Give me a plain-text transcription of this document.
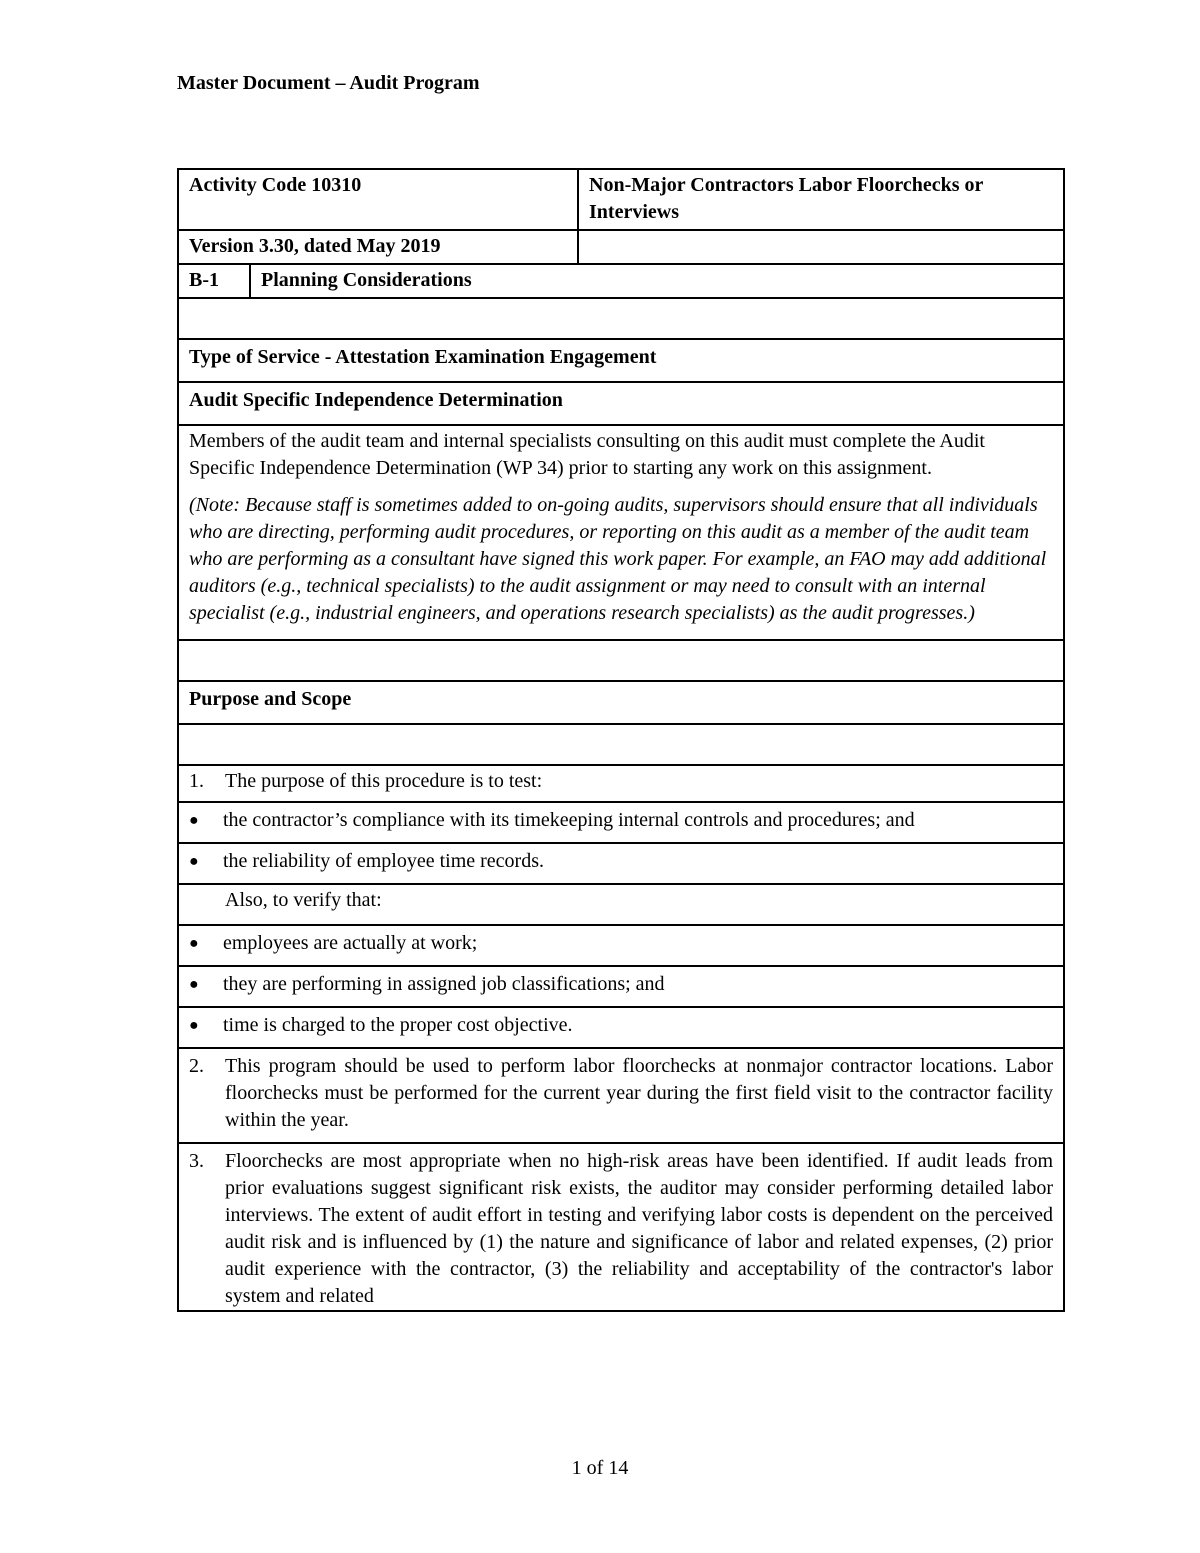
Master Document – Audit Program
Activity Code 10310		Non-Major Contractors Labor Floorchecks or Interviews
Version 3.30, dated May 2019		
B-1	Planning Considerations	

Type of Service - Attestation Examination Engagement		
Audit Specific Independence Determination		

Members of the audit team and internal specialists consulting on this audit must complete the Audit Specific Independence Determination (WP 34) prior to starting any work on this assignment.

(Note: Because staff is sometimes added to on-going audits, supervisors should ensure that all individuals who are directing, performing audit procedures, or reporting on this audit as a member of the audit team who are performing as a consultant have signed this work paper. For example, an FAO may add additional auditors (e.g., technical specialists) to the audit assignment or may need to consult with an internal specialist (e.g., industrial engineers, and operations research specialists) as the audit progresses.)		

Purpose and Scope		

1. The purpose of this procedure is to test:		

● the contractor’s compliance with its timekeeping internal controls and procedures; and		

● the reliability of employee time records.		

Also, to verify that:		

● employees are actually at work;		

● they are performing in assigned job classifications; and		

● time is charged to the proper cost objective.		

2. This program should be used to perform labor floorchecks at nonmajor contractor locations. Labor floorchecks must be performed for the current year during the first field visit to the contractor facility within the year.		

3. Floorchecks are most appropriate when no high-risk areas have been identified. If audit leads from prior evaluations suggest significant risk exists, the auditor may consider performing detailed labor interviews. The extent of audit effort in testing and verifying labor costs is dependent on the perceived audit risk and is influenced by (1) the nature and significance of labor and related expenses, (2) prior audit experience with the contractor, (3) the reliability and acceptability of the contractor's labor system and related		
1 of 14
